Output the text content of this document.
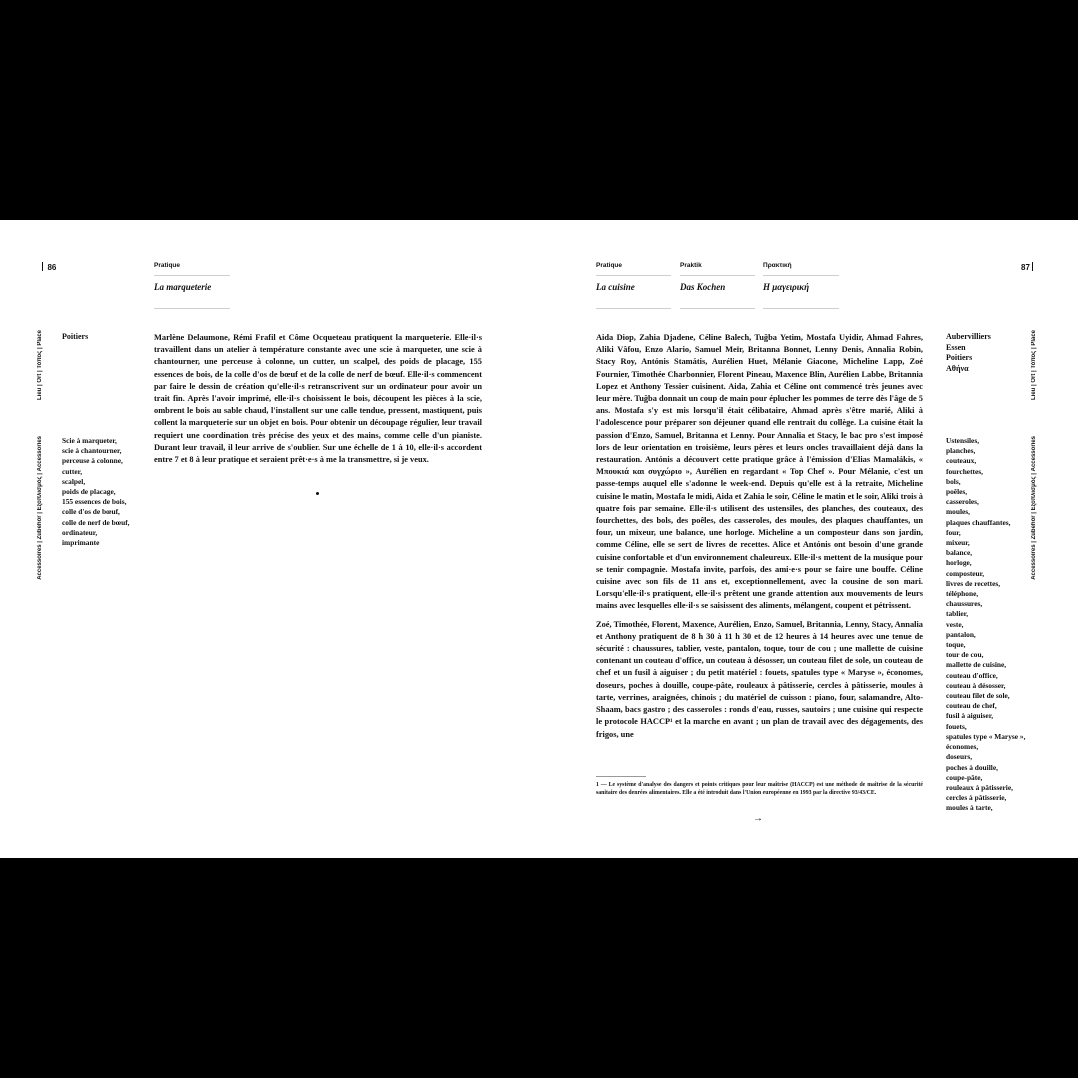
86	Pratique
La marqueterie
Lieu | Ort | Τόπος | Place
Accessoires | Zubehör | Εξοπλισμός | Accessories
Poitiers
Scie à marqueter,
scie à chantourner,
perceuse à colonne,
cutter,
scalpel,
poids de placage,
155 essences de bois,
colle d'os de bœuf,
colle de nerf de bœuf,
ordinateur,
imprimante

Marlène Delaumone, Rémi Frafil et Côme Ocqueteau pratiquent la marqueterie. Elle·il·s travaillent dans un atelier à température constante avec une scie à marqueter, une scie à chantourner, une perceuse à colonne, un cutter, un scalpel, des poids de placage, 155 essences de bois, de la colle d'os de bœuf et de la colle de nerf de bœuf. Elle·il·s commencent par faire le dessin de création qu'elle·il·s retranscrivent sur un ordinateur pour avoir un trait fin. Après l'avoir imprimé, elle·il·s choisissent le bois, découpent les pièces à la scie, ombrent le bois au sable chaud, l'installent sur une calle tendue, pressent, mastiquent, puis collent la marqueterie sur un objet en bois. Pour obtenir un découpage régulier, leur travail requiert une coordination très précise des yeux et des mains, comme celle d'un pianiste. Durant leur travail, il leur arrive de s'oublier. Sur une échelle de 1 à 10, elle·il·s accordent entre 7 et 8 à leur pratique et seraient prêt·e·s à me la transmettre, si je veux.

Pratique	Praktik	Πρακτική
La cuisine	Das Kochen	Η μαγειρική
87

Aida Diop, Zahia Djadene, Céline Balech, Tuğba Yetim, Mostafa Uyidir, Ahmad Fahres, Aliki Vâfou, Enzo Alario, Samuel Meïr, Britanna Bonnet, Lenny Denis, Annalia Robin, Stacy Roy, Antónis Stamátis, Aurélien Huet, Mélanie Giacone, Micheline Lapp, Zoé Fournier, Timothée Charbonnier, Florent Pineau, Maxence Blin, Aurélien Labbe, Britannia Lopez et Anthony Tessier cuisinent. Aida, Zahia et Céline ont commencé très jeunes avec leur mère. Tuğba donnait un coup de main pour éplucher les pommes de terre dès l'âge de 5 ans. Mostafa s'y est mis lorsqu'il était célibataire, Ahmad après s'être marié, Aliki à l'adolescence pour préparer son déjeuner quand elle rentrait du collège. La cuisine était la passion d'Enzo, Samuel, Britanna et Lenny. Pour Annalia et Stacy, le bac pro s'est imposé lors de leur orientation en troisième, leurs pères et leurs oncles travaillaient déjà dans la restauration. Antónis a découvert cette pratique grâce à l'émission d'Elias Mamalákis, « Μπουκιά και συγχώριο », Aurélien en regardant « Top Chef ». Pour Mélanie, c'est un passe-temps auquel elle s'adonne le week-end. Depuis qu'elle est à la retraite, Micheline cuisine le matin, Mostafa le midi, Aida et Zahia le soir, Céline le matin et le soir, Aliki trois à quatre fois par semaine. Elle·il·s utilisent des ustensiles, des planches, des couteaux, des fourchettes, des bols, des poêles, des casseroles, des moules, des plaques chauffantes, un four, un mixeur, une balance, une horloge. Micheline a un composteur dans son jardin, comme Céline, elle se sert de livres de recettes. Alice et Antónis ont besoin d'une grande cuisine confortable et d'un environnement chaleureux. Elle·il·s mettent de la musique pour se tenir compagnie. Mostafa invite, parfois, des ami·e·s pour se faire une bouffe. Céline cuisine avec son fils de 11 ans et, exceptionnellement, avec la cousine de son mari. Lorsqu'elle·il·s pratiquent, elle·il·s prêtent une grande attention aux mouvements de leurs mains avec lesquelles elle·il·s se saisissent des aliments, mélangent, coupent et pétrissent.

Zoé, Timothée, Florent, Maxence, Aurélien, Enzo, Samuel, Britannia, Lenny, Stacy, Annalia et Anthony pratiquent de 8 h 30 à 11 h 30 et de 12 heures à 14 heures avec une tenue de sécurité : chaussures, tablier, veste, pantalon, toque, tour de cou ; une mallette de cuisine contenant un couteau d'office, un couteau à désosser, un couteau filet de sole, un couteau de chef et un fusil à aiguiser ; du petit matériel : fouets, spatules type « Maryse », économes, doseurs, poches à douille, coupe-pâte, rouleaux à pâtisserie, cercles à pâtisserie, moules à tarte, verrines, araignées, chinois ; du matériel de cuisson : piano, four, salamandre, Alto-Shaam, bacs gastro ; des casseroles : ronds d'eau, russes, sautoirs ; une cuisine qui respecte le protocole HACCP¹ et la marche en avant ; un plan de travail avec des dégagements, des frigos, une

1 — Le système d'analyse des dangers et points critiques pour leur maîtrise (HACCP) est une méthode de maîtrise de la sécurité sanitaire des denrées alimentaires. Elle a été introduit dans l'Union européenne en 1993 par la directive 93/43/CE.
→
Aubervilliers
Essen
Poitiers
Αθήνα
Ustensiles,
planches,
couteaux,
fourchettes,
bols,
poêles,
casseroles,
moules,
plaques chauffantes,
four,
mixeur,
balance,
horloge,
composteur,
livres de recettes,
téléphone,
chaussures,
tablier,
veste,
pantalon,
toque,
tour de cou,
mallette de cuisine,
couteau d'office,
couteau à désosser,
couteau filet de sole,
couteau de chef,
fusil à aiguiser,
fouets,
spatules type « Maryse »,
économes,
doseurs,
poches à douille,
coupe-pâte,
rouleaux à pâtisserie,
cercles à pâtisserie,
moules à tarte,
Lieu | Ort | Τόπος | Place
Accessoires | Zubehör | Εξοπλισμός | Accessories
